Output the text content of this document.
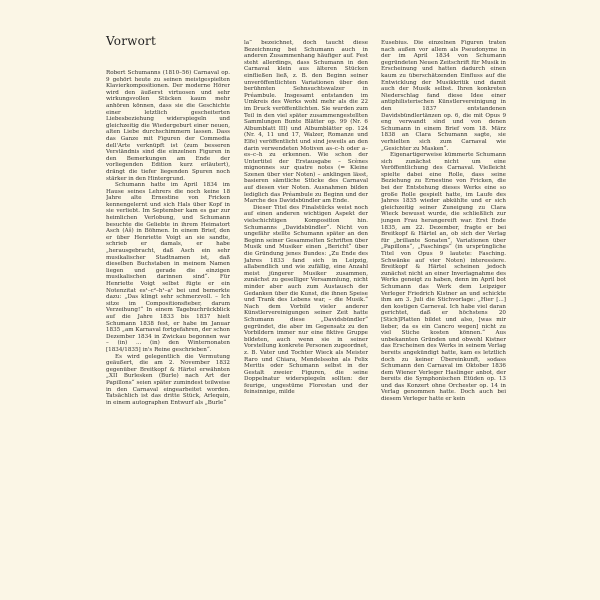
Vorwort

Robert Schumanns (1810–56) Carnaval op. 9 gehört heute zu seinen meistgespielten Klavierkompositionen. Der moderne Hörer wird den äußerst virtuosen und sehr wirkungsvollen Stücken kaum mehr anhören können, dass sie die Geschichte einer letztlich gescheiterten Liebesbeziehung widerspiegeln und gleichzeitig die Wiedergeburt einer neuen, alten Liebe durchschimmern lassen. Dass das Ganze mit Figuren der Commedia dell'Arte verknüpft ist (zum besseren Verständnis sind die einzelnen Figuren in den Bemerkungen am Ende der vorliegenden Edition kurz erläutert), drängt die tiefer liegenden Spuren noch stärker in den Hintergrund.

Schumann hatte im April 1834 im Hause seines Lehrers die noch keine 18 Jahre alte Ernestine von Fricken kennengelernt und sich Hals über Kopf in sie verliebt. Im September kam es gar zur heimlichen Verlobung, und Schumann besuchte die Geliebte in ihrem Heimatort Asch (Aš) in Böhmen. In einem Brief, den er über Henriette Voigt an sie sandte, schrieb er damals, er habe „herausgebracht, daß Asch ein sehr musikalischer Stadtnamen ist, daß dieselben Buchstaben in meinem Namen liegen und gerade die einzigen musikalischen darinnen sind“. Für Henriette Voigt selbst fügte er ein Notenzitat es¹–c²–h¹–a¹ bei und bemerkte dazu: „Das klingt sehr schmerzvoll. – Ich sitze im Compositionsfieber, darum Verzeihung!“ In einem Tagebuchrückblick auf die Jahre 1833 bis 1837 hielt Schumann 1838 fest, er habe im Januar 1835 „am Karnaval fortgefahren, der schon Dezember 1834 in Zwickau begonnen war – (in) ... (in) den Winternonaten [1834/1835] in's Reine geschrieben“.

Es wird gelegentlich die Vermutung geäußert, die am 2. November 1832 gegenüber Breitkopf & Härtel erwähnten „XII Burlesken (Burle) nach Art der Papillons“ seien später zumindest teilweise in den Carnaval eingearbeitet worden. Tatsächlich ist das dritte Stück, Arlequin, in einem autographen Entwurf als „Burle“

la“ bezeichnet, doch taucht diese Bezeichnung bei Schumann auch in anderen Zusammenhang häufiger auf. Fest steht allerdings, dass Schumann in den Carnaval klein aus älteren Stücken einfließen ließ, z. B. den Beginn seiner unveröffentlichten Variationen über den berühmten Sehnsuchtswalzer in Préambule. Insgesamt entstanden im Umkreis des Werks wohl mehr als die 22 im Druck veröffentlichten. Sie wurden zum Teil in den viel später zusammengestellten Sammlungen Bunte Blätter op. 99 (Nr. 6 Albumblatt III) und Albumblätter op. 124 (Nr. 4, 11 und 17, Walzer, Romanze und Elfe) veröffentlicht und sind jeweils an den darin verwendeten Motiven as–c–h oder a–es–c–h zu erkennen. Wie schon der Untertitel der Erstausgabe – Scènes mignonnes sur quatre notes (= Kleine Szenen über vier Noten) – anklingen lässt, basieren sämtliche Stücke des Carnaval auf diesen vier Noten. Ausnahmen bilden lediglich das Préambule zu Beginn und der Marche des Davidsbündler am Ende.

Dieser Titel des Finalstücks weist noch auf einen anderen wichtigen Aspekt der vielschichtigen Komposition hin. Schumanns „Davidsbündler“. Nicht von ungefähr stellte Schumann später an den Beginn seiner Gesammelten Schriften über Musik und Musiker einen „Bericht“ über die Gründung jenes Bundes: „Zu Ende des Jahres 1833 fand sich in Leipzig, allabendlich und wie zufällig, eine Anzahl meist jüngerer Musiker zusammen, zunächst zu geselliger Versammlung, nicht minder aber auch zum Austausch der Gedanken über die Kunst, die ihnen Speise und Trank des Lebens war, – die Musik.“ Nach dem Vorbild vieler anderer Künstlervereinigungen seiner Zeit hatte Schumann diese „Davidsbündler“ gegründet, die aber im Gegensatz zu den Vorbildern immer nur eine fiktive Gruppe bildeten, auch wenn sie in seiner Vorstellung konkrete Personen zugeordnet, z. B. Vater und Tochter Wieck als Meister Raro und Chiara, Mendelssohn als Felix Meritis oder Schumann selbst in der Gestalt zweier Figuren, die seine Doppelnatur widerspiegeln sollten: der feurige, ungestüme Florestan und der feinsinnige, milde

Eusebius. Die einzelnen Figuren traten nach außen vor allem als Pseudonyme in der im April 1834 von Schumann gegründeten Neuen Zeitschrift für Musik in Erscheinung und hatten dadurch einen kaum zu überschätzenden Einfluss auf die Entwicklung der Musikkritik und damit auch der Musik selbst. Ihren konkreten Niederschlag fand diese Idee einer antiphilisterischen Künstlervereinigung in den 1837 entstandenen Davidsbündlertänzen op. 6, die mit Opus 9 eng verwandt sind und von denen Schumann in einem Brief vom 18. März 1838 an Clara Schumann sagte, sie verhielten sich zum Carnaval wie „Gesichter zu Masken“.

Eigenartigerweise kümmerte Schumann sich zunächst nicht um eine Veröffentlichung des Carnaval. Vielleicht spielte dabei eine Rolle, dass seine Beziehung zu Ernestine von Fricken, die bei der Entstehung dieses Werks eine so große Rolle gespielt hatte, im Laufe des Jahres 1835 wieder abkühlte und er sich gleichzeitig seiner Zuneigung zu Clara Wieck bewusst wurde, die schließlich zur jungen Frau herangereift war. Erst Ende 1835, am 22. Dezember, fragte er bei Breitkopf & Härtel an, ob sich der Verlag für „brillante Sonaten“, Variationen über „Papillons“, „Faschings“ (in ursprüngliche Titel von Opus 9 lautete: Fasching. Schwänke auf vier Noten) interessiere. Breitkopf & Härtel scheinen jedoch zunächst nicht an einer Inverlagnahme des Werks geneigt zu haben, denn im April bot Schumann das Werk dem Leipziger Verleger Friedrich Kistner an und schickte ihm am 3. Juli die Stichvorlage: „Hier [...] den kostigen Carneval. Ich habe viel daran gerichtet, daß er höchstens 20 [Stich]Platten bildet und also, [was mir lieber, da es ein Cancro wegen] nicht zu viel Stiche kosten können.“ Aus unbekannten Gründen und obwohl Kistner das Erscheinen des Werks in seinem Verlag bereits angekündigt hatte, kam es letztlich doch zu keiner Übereinkunft, sodass Schumann den Carnaval im Oktober 1836 dem Wiener Verleger Haslinger anbot, der bereits die Symphonischen Etüden op. 13 und das Konzert ohne Orchester op. 14 in Verlag genommen hatte. Doch auch bei diesem Verleger hatte er kein
